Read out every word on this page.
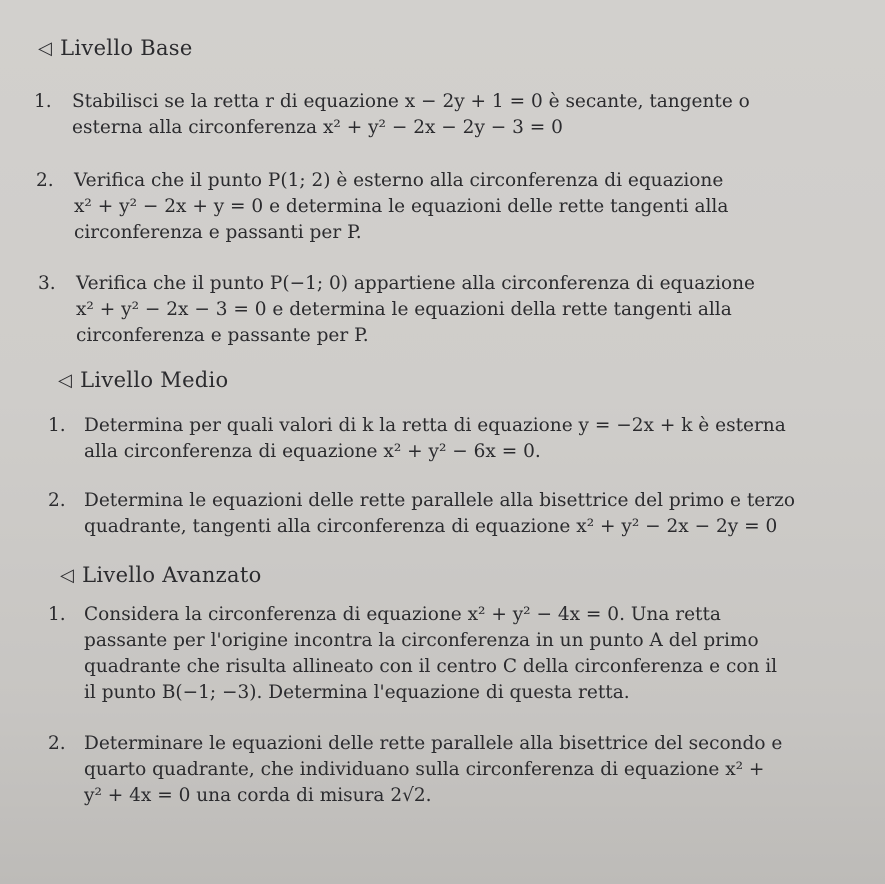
◁ Livello Base
1. Stabilisci se la retta r di equazione x − 2y + 1 = 0 è secante, tangente o
esterna alla circonferenza x² + y² − 2x − 2y − 3 = 0
2. Verifica che il punto P(1; 2) è esterno alla circonferenza di equazione
x² + y² − 2x + y = 0 e determina le equazioni delle rette tangenti alla
circonferenza e passanti per P.
3. Verifica che il punto P(−1; 0) appartiene alla circonferenza di equazione
x² + y² − 2x − 3 = 0 e determina le equazioni della rette tangenti alla
circonferenza e passante per P.
◁ Livello Medio
1. Determina per quali valori di k la retta di equazione y = −2x + k è esterna
alla circonferenza di equazione x² + y² − 6x = 0.
2. Determina le equazioni delle rette parallele alla bisettrice del primo e terzo
quadrante, tangenti alla circonferenza di equazione x² + y² − 2x − 2y = 0
◁ Livello Avanzato
1. Considera la circonferenza di equazione x² + y² − 4x = 0. Una retta
passante per l'origine incontra la circonferenza in un punto A del primo
quadrante che risulta allineato con il centro C della circonferenza e con il
il punto B(−1; −3). Determina l'equazione di questa retta.
2. Determinare le equazioni delle rette parallele alla bisettrice del secondo e
quarto quadrante, che individuano sulla circonferenza di equazione x² +
y² + 4x = 0 una corda di misura 2√2.
